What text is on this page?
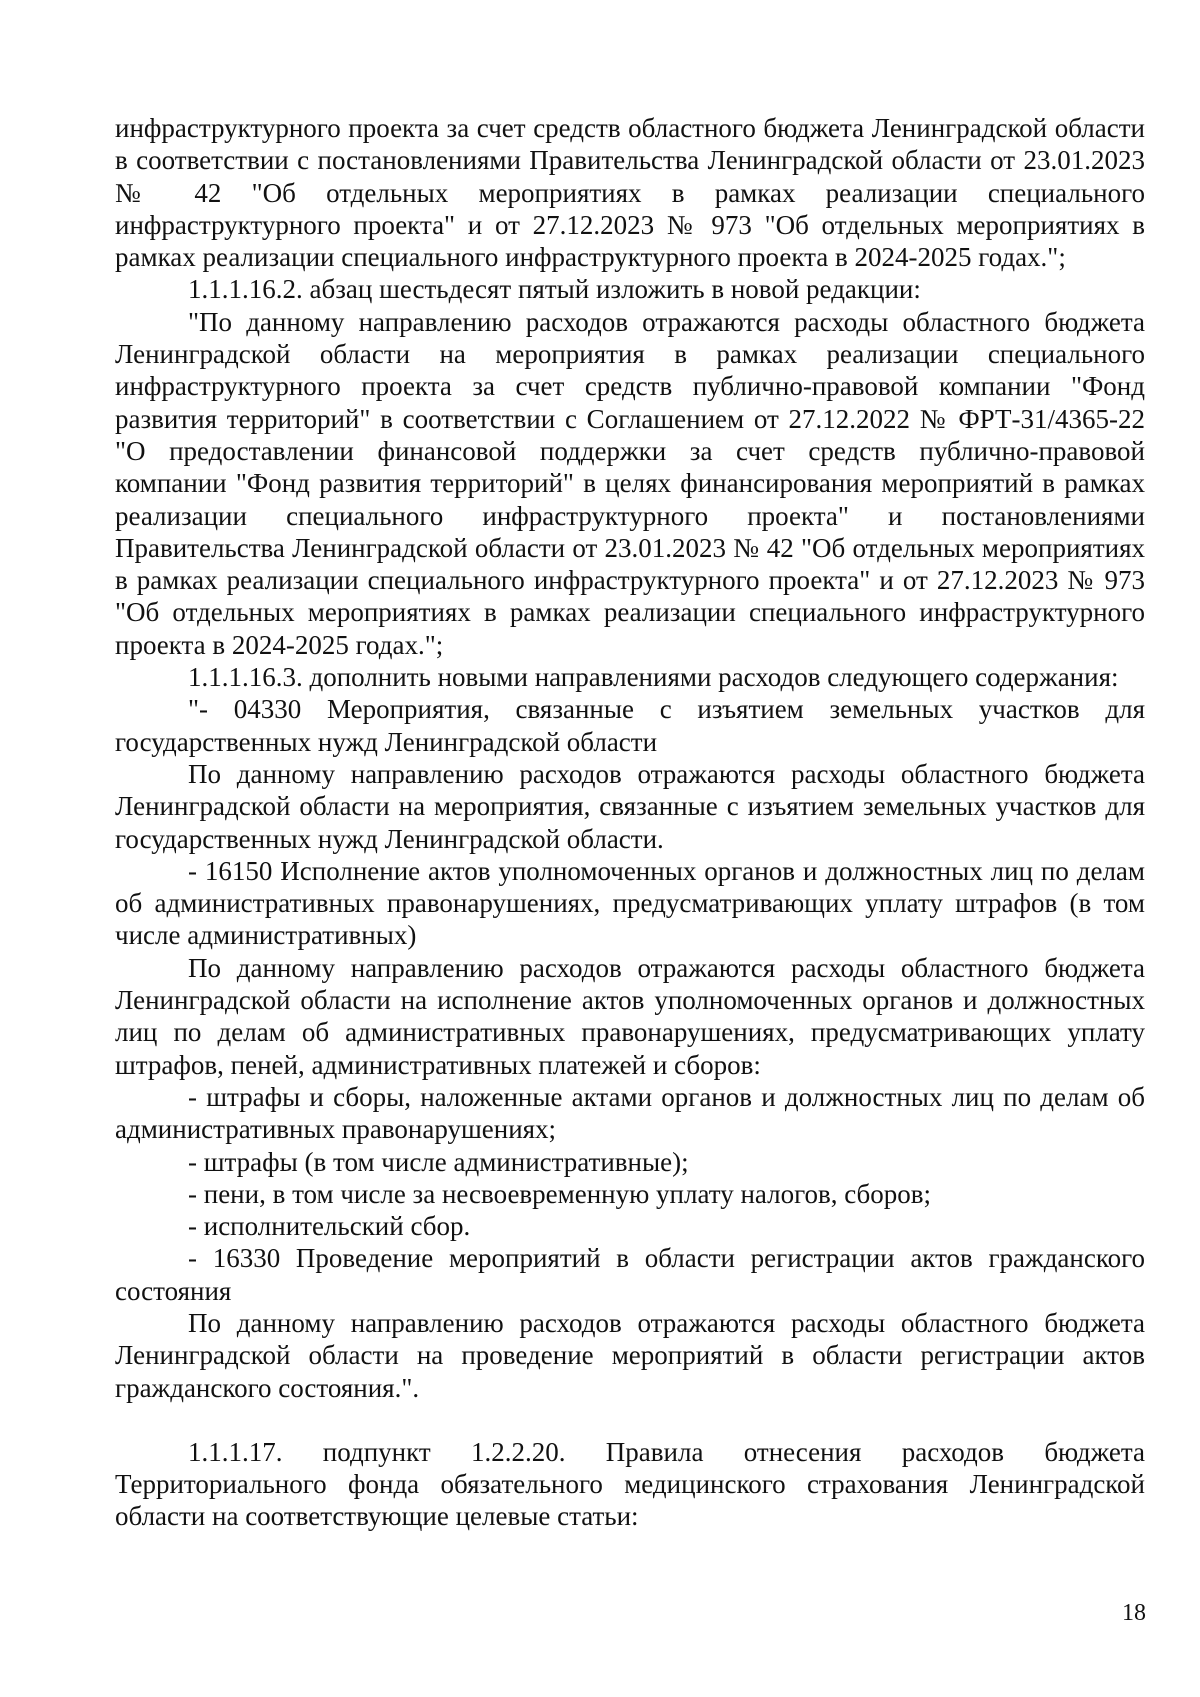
инфраструктурного проекта за счет средств областного бюджета Ленинградской области в соответствии с постановлениями Правительства Ленинградской области от 23.01.2023 № 42 "Об отдельных мероприятиях в рамках реализации специального инфраструктурного проекта" и от 27.12.2023 № 973 "Об отдельных мероприятиях в рамках реализации специального инфраструктурного проекта в 2024-2025 годах.";

1.1.1.16.2. абзац шестьдесят пятый изложить в новой редакции:

"По данному направлению расходов отражаются расходы областного бюджета Ленинградской области на мероприятия в рамках реализации специального инфраструктурного проекта за счет средств публично-правовой компании "Фонд развития территорий" в соответствии с Соглашением от 27.12.2022 № ФРТ-31/4365-22 "О предоставлении финансовой поддержки за счет средств публично-правовой компании "Фонд развития территорий" в целях финансирования мероприятий в рамках реализации специального инфраструктурного проекта" и постановлениями Правительства Ленинградской области от 23.01.2023 № 42 "Об отдельных мероприятиях в рамках реализации специального инфраструктурного проекта" и от 27.12.2023 № 973 "Об отдельных мероприятиях в рамках реализации специального инфраструктурного проекта в 2024-2025 годах.";

1.1.1.16.3. дополнить новыми направлениями расходов следующего содержания:

"- 04330 Мероприятия, связанные с изъятием земельных участков для государственных нужд Ленинградской области

По данному направлению расходов отражаются расходы областного бюджета Ленинградской области на мероприятия, связанные с изъятием земельных участков для государственных нужд Ленинградской области.

- 16150 Исполнение актов уполномоченных органов и должностных лиц по делам об административных правонарушениях, предусматривающих уплату штрафов (в том числе административных)

По данному направлению расходов отражаются расходы областного бюджета Ленинградской области на исполнение актов уполномоченных органов и должностных лиц по делам об административных правонарушениях, предусматривающих уплату штрафов, пеней, административных платежей и сборов:

- штрафы и сборы, наложенные актами органов и должностных лиц по делам об административных правонарушениях;

- штрафы (в том числе административные);

- пени, в том числе за несвоевременную уплату налогов, сборов;

- исполнительский сбор.

- 16330 Проведение мероприятий в области регистрации актов гражданского состояния

По данному направлению расходов отражаются расходы областного бюджета Ленинградской области на проведение мероприятий в области регистрации актов гражданского состояния.".

1.1.1.17. подпункт 1.2.2.20. Правила отнесения расходов бюджета Территориального фонда обязательного медицинского страхования Ленинградской области на соответствующие целевые статьи:

18
